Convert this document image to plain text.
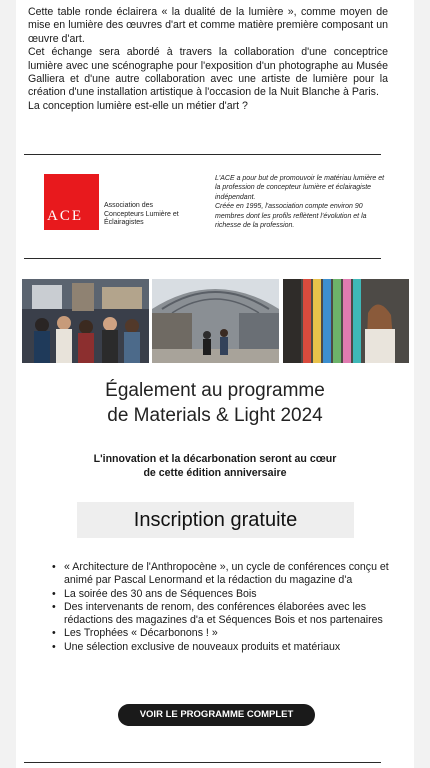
Cette table ronde éclairera « la dualité de la lumière », comme moyen de mise en lumière des œuvres d'art et comme matière première composant un œuvre d'art.

Cet échange sera abordé à travers la collaboration d'une conceptrice lumière avec une scénographe pour l'exposition d'un photographe au Musée Galliera et d'une autre collaboration avec une artiste de lumière pour la création d'une installation artistique à l'occasion de la Nuit Blanche à Paris.

La conception lumière est-elle un métier d'art ?

ACE
Association des Concepteurs Lumière et Éclairagistes

L'ACE a pour but de promouvoir le matériau lumière et la profession de concepteur lumière et éclairagiste indépendant.

Créée en 1995, l'association compte environ 90 membres dont les profils reflètent l'évolution et la richesse de la profession.

Également au programme
de Materials & Light 2024
L'innovation et la décarbonation seront au cœur
de cette édition anniversaire
Inscription gratuite
• « Architecture de l'Anthropocène », un cycle de conférences conçu et animé par Pascal Lenormand et la rédaction du magazine d'a
• La soirée des 30 ans de Séquences Bois
• Des intervenants de renom, des conférences élaborées avec les rédactions des magazines d'a et Séquences Bois et nos partenaires
• Les Trophées « Décarbonons ! »
• Une sélection exclusive de nouveaux produits et matériaux
VOIR LE PROGRAMME COMPLET
